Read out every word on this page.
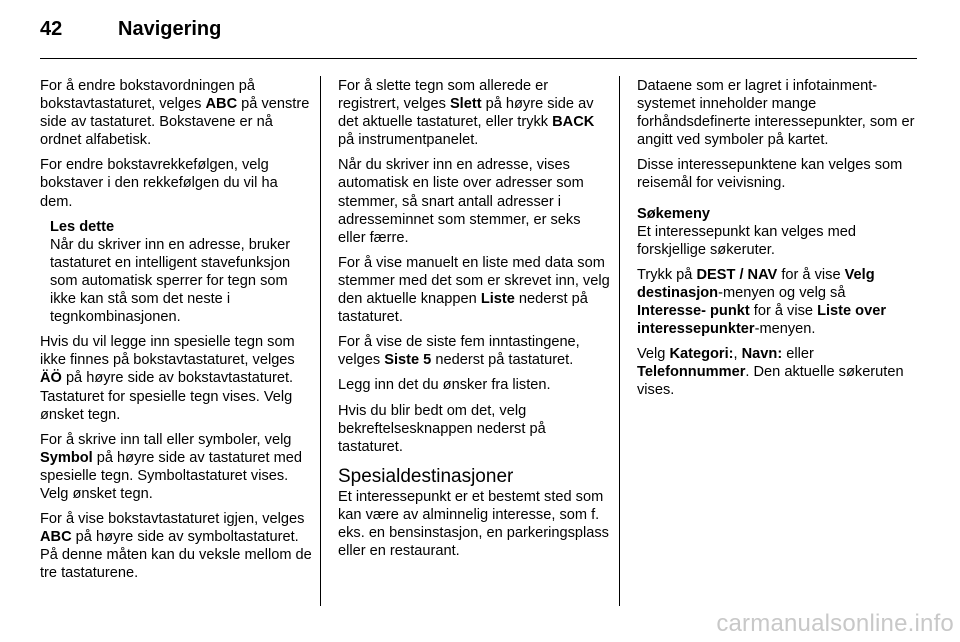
42	Navigering

For å endre bokstavordningen på bokstavtastaturet, velges ABC på venstre side av tastaturet. Bokstavene er nå ordnet alfabetisk.

For endre bokstavrekkefølgen, velg bokstaver i den rekkefølgen du vil ha dem.

Les dette

Når du skriver inn en adresse, bruker tastaturet en intelligent stavefunksjon som automatisk sperrer for tegn som ikke kan stå som det neste i tegnkombinasjonen.

Hvis du vil legge inn spesielle tegn som ikke finnes på bokstavtastaturet, velges ÄÖ på høyre side av bokstavtastaturet. Tastaturet for spesielle tegn vises. Velg ønsket tegn.

For å skrive inn tall eller symboler, velg Symbol på høyre side av tastaturet med spesielle tegn. Symboltastaturet vises. Velg ønsket tegn.

For å vise bokstavtastaturet igjen, velges ABC på høyre side av symboltastaturet. På denne måten kan du veksle mellom de tre tastaturene.

For å slette tegn som allerede er registrert, velges Slett på høyre side av det aktuelle tastaturet, eller trykk BACK på instrumentpanelet.

Når du skriver inn en adresse, vises automatisk en liste over adresser som stemmer, så snart antall adresser i adresseminnet som stemmer, er seks eller færre.

For å vise manuelt en liste med data som stemmer med det som er skrevet inn, velg den aktuelle knappen Liste nederst på tastaturet.

For å vise de siste fem inntastingene, velges Siste 5 nederst på tastaturet.

Legg inn det du ønsker fra listen.

Hvis du blir bedt om det, velg bekreftelsesknappen nederst på tastaturet.

Spesialdestinasjoner

Et interessepunkt er et bestemt sted som kan være av alminnelig interesse, som f. eks. en bensinstasjon, en parkeringsplass eller en restaurant.

Dataene som er lagret i infotainment-systemet inneholder mange forhåndsdefinerte interessepunkter, som er angitt ved symboler på kartet.

Disse interessepunktene kan velges som reisemål for veivisning.

Søkemeny

Et interessepunkt kan velges med forskjellige søkeruter.

Trykk på DEST / NAV for å vise Velg destinasjon-menyen og velg så Interesse- punkt for å vise Liste over interessepunkter-menyen.

Velg Kategori:, Navn: eller Telefonnummer. Den aktuelle søkeruten vises.

carmanualsonline.info
